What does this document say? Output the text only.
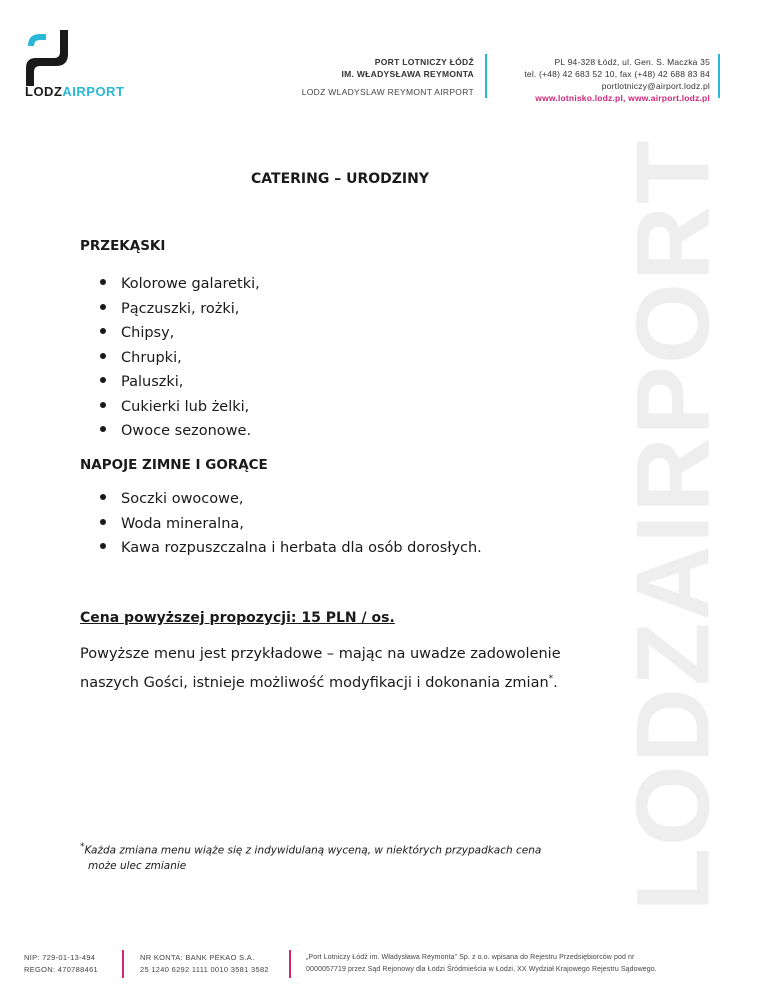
LODZAIRPORT
PORT LOTNICZY ŁÓDŹ
IM. WŁADYSŁAWA REYMONTA
LODZ WLADYSLAW REYMONT AIRPORT
PL 94-328 Łódź, ul. Gen. S. Maczka 35
tel. (+48) 42 683 52 10, fax (+48) 42 688 83 84
portlotniczy@airport.lodz.pl
www.lotnisko.lodz.pl, www.airport.lodz.pl
LODZAIRPORT
CATERING – URODZINY
PRZEKĄSKI
Kolorowe galaretki,
Pączuszki, rożki,
Chipsy,
Chrupki,
Paluszki,
Cukierki lub żelki,
Owoce sezonowe.
NAPOJE ZIMNE I GORĄCE
Soczki owocowe,
Woda mineralna,
Kawa rozpuszczalna i herbata dla osób dorosłych.
Cena powyższej propozycji: 15 PLN / os.
Powyższe menu jest przykładowe – mając na uwadze zadowolenie
naszych Gości, istnieje możliwość modyfikacji i dokonania zmian*.
*Każda zmiana menu wiąże się z indywidulaną wyceną, w niektórych przypadkach cena
może ulec zmianie
NIP: 729-01-13-494
REGON: 470788461
NR KONTA: BANK PEKAO S.A.
25 1240 6292 1111 0010 3581 3582
„Port Lotniczy Łódź im. Władysława Reymonta” Sp. z o.o. wpisana do Rejestru Przedsiębiorców pod nr
0000057719 przez Sąd Rejonowy dla Łodzi Śródmieścia w Łodzi, XX Wydział Krajowego Rejestru Sądowego.
